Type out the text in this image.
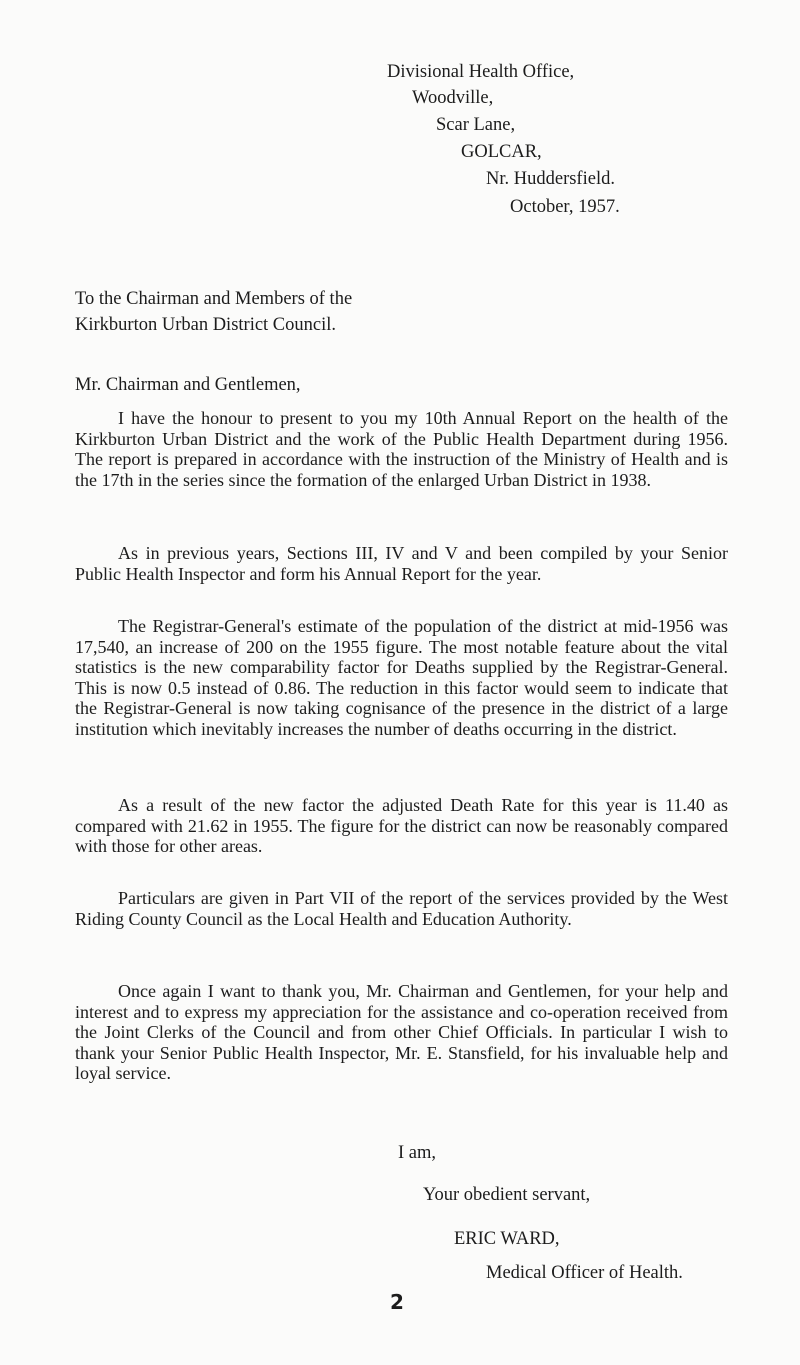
Divisional Health Office,
Woodville,
Scar Lane,
GOLCAR,
Nr. Huddersfield.
October, 1957.
To the Chairman and Members of the
Kirkburton Urban District Council.
Mr. Chairman and Gentlemen,

I have the honour to present to you my 10th Annual Report on the health of the Kirkburton Urban District and the work of the Public Health Department during 1956. The report is prepared in accordance with the instruction of the Ministry of Health and is the 17th in the series since the formation of the enlarged Urban District in 1938.

As in previous years, Sections III, IV and V and been compiled by your Senior Public Health Inspector and form his Annual Report for the year.

The Registrar-General's estimate of the population of the district at mid-1956 was 17,540, an increase of 200 on the 1955 figure. The most notable feature about the vital statistics is the new comparability factor for Deaths supplied by the Registrar-General. This is now 0.5 instead of 0.86. The reduction in this factor would seem to indicate that the Registrar-General is now taking cognisance of the presence in the district of a large institution which inevitably increases the number of deaths occurring in the district.

As a result of the new factor the adjusted Death Rate for this year is 11.40 as compared with 21.62 in 1955. The figure for the district can now be reasonably compared with those for other areas.

Particulars are given in Part VII of the report of the services provided by the West Riding County Council as the Local Health and Education Authority.

Once again I want to thank you, Mr. Chairman and Gentlemen, for your help and interest and to express my appreciation for the assistance and co-operation received from the Joint Clerks of the Council and from other Chief Officials. In particular I wish to thank your Senior Public Health Inspector, Mr. E. Stansfield, for his invaluable help and loyal service.

I am,
Your obedient servant,
ERIC WARD,
Medical Officer of Health.
2
